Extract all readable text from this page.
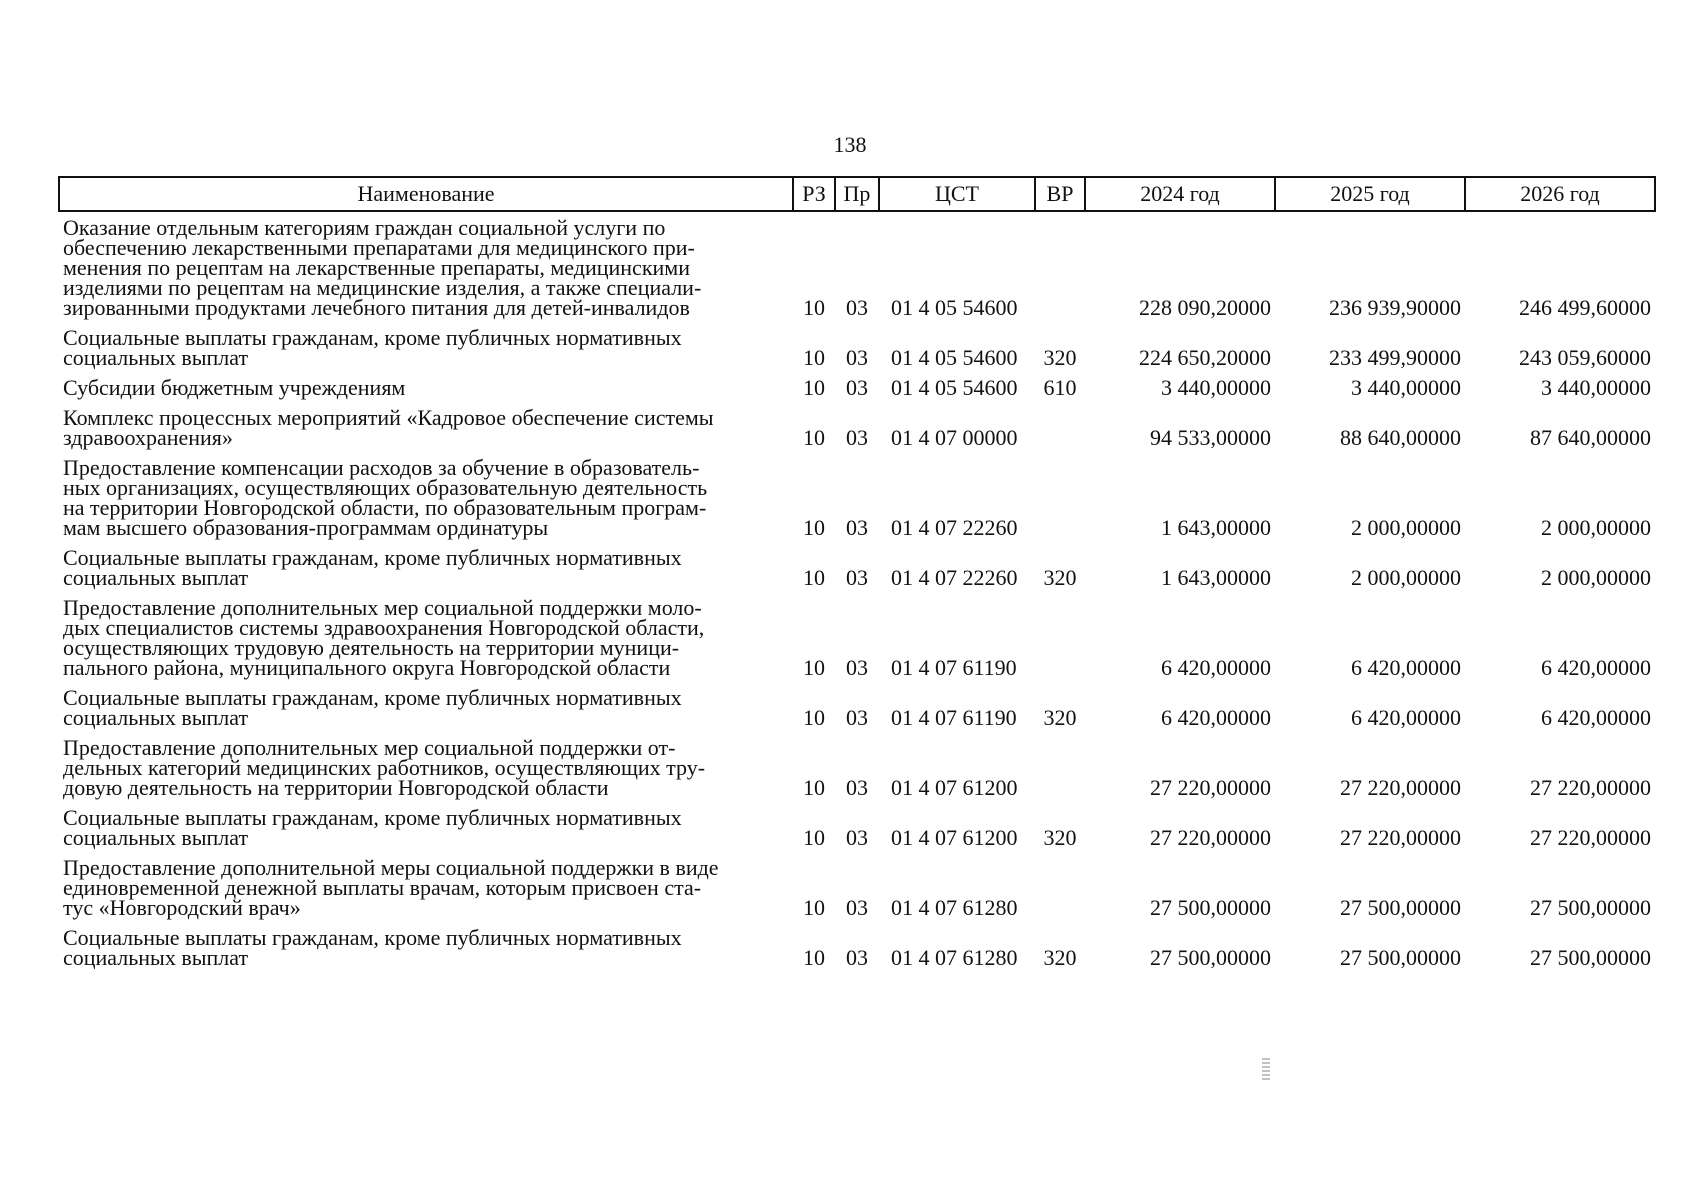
138
Наименование	РЗ	Пр	ЦСТ	ВР	2024 год	2025 год	2026 год

Оказание отдельным категориям граждан социальной услуги по
обеспечению лекарственными препаратами для медицинского при-
менения по рецептам на лекарственные препараты, медицинскими
изделиями по рецептам на медицинские изделия, а также специали-
зированными продуктами лечебного питания для детей-инвалидов	10	03	01 4 05 54600		228 090,20000	236 939,90000	246 499,60000

Социальные выплаты гражданам, кроме публичных нормативных
социальных выплат	10	03	01 4 05 54600	320	224 650,20000	233 499,90000	243 059,60000

Субсидии бюджетным учреждениям	10	03	01 4 05 54600	610	3 440,00000	3 440,00000	3 440,00000

Комплекс процессных мероприятий «Кадровое обеспечение системы
здравоохранения»	10	03	01 4 07 00000		94 533,00000	88 640,00000	87 640,00000

Предоставление компенсации расходов за обучение в образователь-
ных организациях, осуществляющих образовательную деятельность
на территории Новгородской области, по образовательным програм-
мам высшего образования-программам ординатуры	10	03	01 4 07 22260		1 643,00000	2 000,00000	2 000,00000

Социальные выплаты гражданам, кроме публичных нормативных
социальных выплат	10	03	01 4 07 22260	320	1 643,00000	2 000,00000	2 000,00000

Предоставление дополнительных мер социальной поддержки моло-
дых специалистов системы здравоохранения Новгородской области,
осуществляющих трудовую деятельность на территории муници-
пального района, муниципального округа Новгородской области	10	03	01 4 07 61190		6 420,00000	6 420,00000	6 420,00000

Социальные выплаты гражданам, кроме публичных нормативных
социальных выплат	10	03	01 4 07 61190	320	6 420,00000	6 420,00000	6 420,00000

Предоставление дополнительных мер социальной поддержки от-
дельных категорий медицинских работников, осуществляющих тру-
довую деятельность на территории Новгородской области	10	03	01 4 07 61200		27 220,00000	27 220,00000	27 220,00000

Социальные выплаты гражданам, кроме публичных нормативных
социальных выплат	10	03	01 4 07 61200	320	27 220,00000	27 220,00000	27 220,00000

Предоставление дополнительной меры социальной поддержки в виде
единовременной денежной выплаты врачам, которым присвоен ста-
тус «Новгородский врач»	10	03	01 4 07 61280		27 500,00000	27 500,00000	27 500,00000

Социальные выплаты гражданам, кроме публичных нормативных
социальных выплат	10	03	01 4 07 61280	320	27 500,00000	27 500,00000	27 500,00000
